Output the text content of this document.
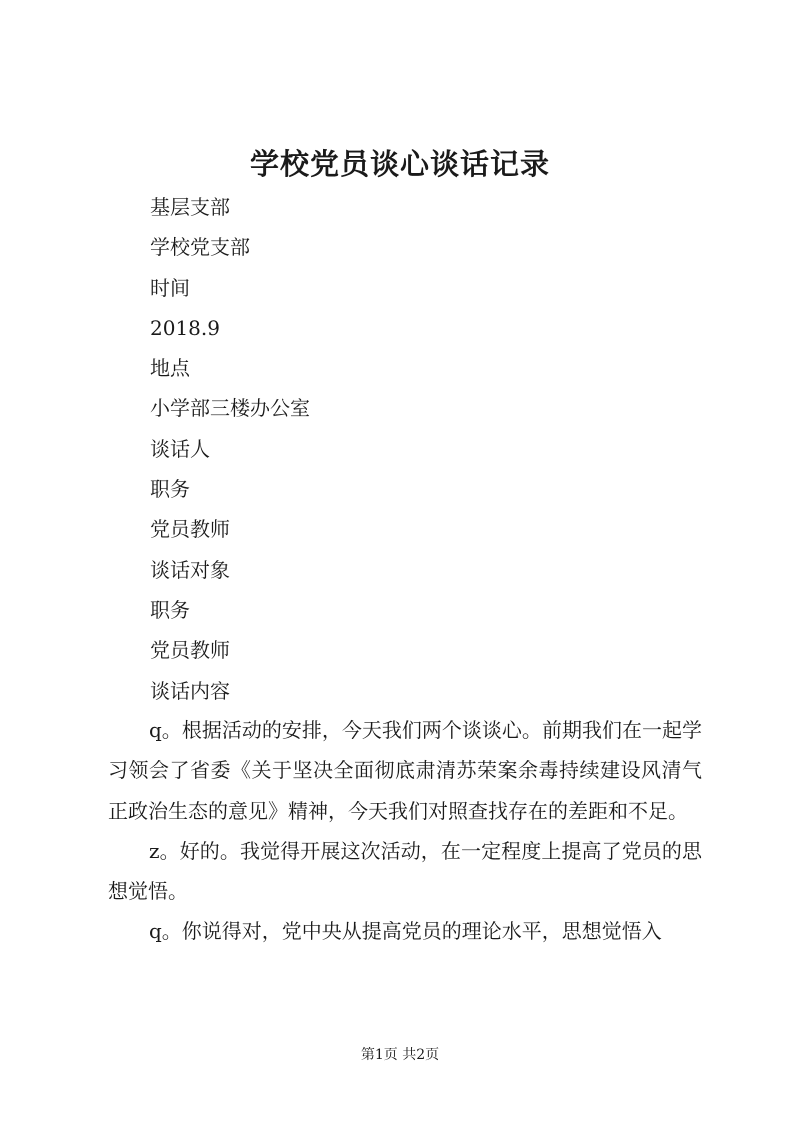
学校党员谈心谈话记录
基层支部
学校党支部
时间
2018.9
地点
小学部三楼办公室
谈话人
职务
党员教师
谈话对象
职务
党员教师
谈话内容

q。根据活动的安排，今天我们两个谈谈心。前期我们在一起学习领会了省委《关于坚决全面彻底肃清苏荣案余毒持续建设风清气正政治生态的意见》精神，今天我们对照查找存在的差距和不足。

z。好的。我觉得开展这次活动，在一定程度上提高了党员的思想觉悟。

q。你说得对，党中央从提高党员的理论水平，思想觉悟入

第1页 共2页
